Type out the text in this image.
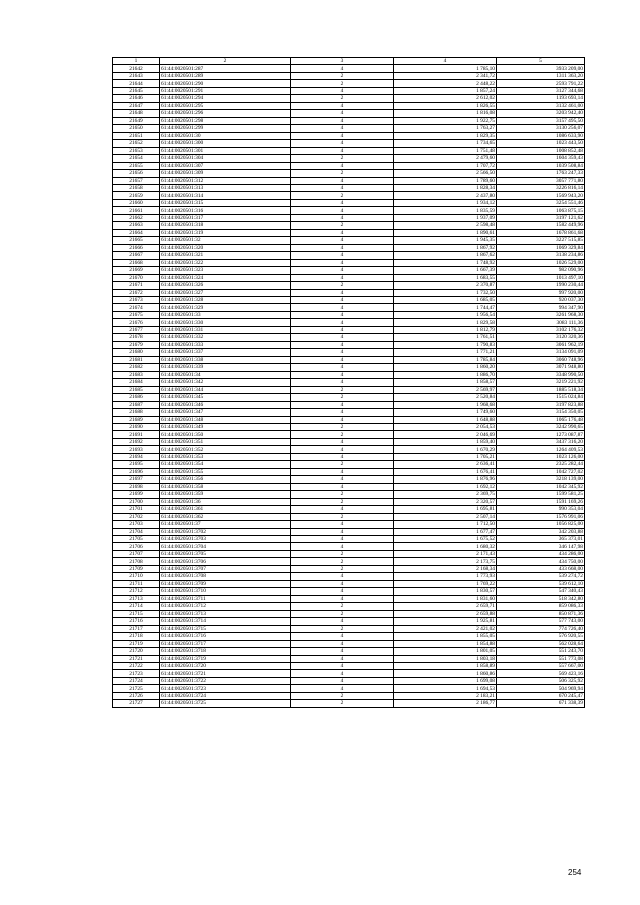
1	2	3	4	5
21642	61:44:0020501:287	4	1 785,10	3933 209,00
21643	61:44:0020501:289	2	2 341,72	1311 363,20
21644	61:44:0020501:290	2	2 448,22	2593 791,22
21645	61:44:0020501:291	4	1 857,24	3127 344,68
21646	61:44:0020501:294	2	2 612,02	1193 693,14
21647	61:44:0020501:295	4	1 826,55	3132 461,00
21648	61:44:0020501:296	4	1 816,08	3203 942,40
21649	61:44:0020501:298	4	1 922,75	3157 495,50
21650	61:44:0020501:299	4	1 763,27	3130 256,07
21651	61:44:0020501:30	4	1 829,35	1086 633,90
21652	61:44:0020501:300	4	1 734,65	1023 443,50
21653	61:44:0020501:301	4	1 751,48	1008 852,48
21654	61:44:0020501:304	2	2 479,60	1604 359,43
21655	61:44:0020501:307	4	1 707,72	1039 508,84
21656	61:44:0020501:309	2	2 566,50	1763 247,33
21657	61:44:0020501:312	4	1 789,60	3057 771,80
21658	61:44:0020501:313	4	1 828,34	3226 816,14
21659	61:44:0020501:314	2	2 437,80	1569 943,20
21660	61:44:0020501:315	4	1 934,12	3254 551,46
21661	61:44:0020501:316	4	1 835,59	1063 875,15
21662	61:44:0020501:317	4	1 937,09	3197 121,62
21663	61:44:0020501:318	2	2 598,48	1582 449,96
21664	61:44:0020501:319	4	1 890,61	1678 861,68
21665	61:44:0020501:32	4	1 945,35	3227 515,85
21666	61:44:0020501:320	4	1 867,92	1069 329,84
21667	61:44:0020501:321	4	1 867,62	3138 234,86
21668	61:44:0020501:322	4	1 748,92	1026 529,00
21669	61:44:0020501:323	4	1 667,39	982 090,96
21670	61:44:0020501:324	4	1 683,55	1013 497,10
21671	61:44:0020501:326	2	2 370,87	1990 230,44
21672	61:44:0020501:327	4	1 732,50	997 920,00
21673	61:44:0020501:328	4	1 685,05	920 037,30
21674	61:44:0020501:329	4	1 744,47	994 347,90
21675	61:44:0020501:33	4	1 956,54	3261 968,30
21676	61:44:0020501:330	4	1 829,58	3083 111,36
21677	61:44:0020501:331	4	1 812,79	3102 176,32
21678	61:44:0020501:332	4	1 761,51	3120 320,36
21679	61:44:0020501:333	4	1 790,83	3061 962,19
21680	61:44:0020501:337	4	1 771,21	3134 091,09
21681	61:44:0020501:338	4	1 785,84	3060 748,96
21682	61:44:0020501:339	4	1 860,20	3071 948,80
21683	61:44:0020501:34	4	1 886,70	3348 990,50
21684	61:44:0020501:342	4	1 858,57	3219 221,92
21685	61:44:0020501:344	2	2 569,97	1885 518,34
21686	61:44:0020501:345	2	2 520,84	1515 024,84
21687	61:44:0020501:346	4	1 968,68	3197 823,88
21688	61:44:0020501:347	4	1 749,60	3154 350,05
21689	61:44:0020501:348	4	1 648,88	1065 176,48
21690	61:44:0020501:349	2	2 054,53	3242 990,65
21691	61:44:0020501:350	2	2 046,69	1273 087,87
21692	61:44:0020501:351	4	1 859,40	3437 316,20
21693	61:44:0020501:352	4	1 670,29	1264 409,53
21694	61:44:0020501:353	4	1 705,21	1023 126,00
21695	61:44:0020501:354	2	2 636,41	2325 282,44
21696	61:44:0020501:355	4	1 676,41	1042 727,02
21697	61:44:0020501:356	4	1 876,96	3218 139,00
21698	61:44:0020501:358	4	1 692,12	1042 345,92
21699	61:44:0020501:359	2	2 369,75	1599 581,25
21700	61:44:0020501:36	2	2 320,57	1591 169,26
21701	61:44:0020501:361	4	1 695,81	990 353,04
21702	61:44:0020501:362	2	2 507,14	1576 991,06
21703	61:44:0020501:37	4	1 712,50	1056 825,00
21704	61:44:0020501:3702	4	1 677,47	342 203,88
21705	61:44:0020501:3703	4	1 675,52	365 373,01
21706	61:44:0020501:3704	4	1 680,32	346 147,98
21707	61:44:0020501:3705	2	2 171,43	434 286,00
21708	61:44:0020501:3706	2	2 173,75	434 750,00
21709	61:44:0020501:3707	2	2 168,34	433 668,00
21710	61:44:0020501:3708	4	1 773,93	539 274,72
21711	61:44:0020501:3709	4	1 769,22	539 612,10
21712	61:44:0020501:3710	4	1 830,57	547 340,43
21713	61:44:0020501:3711	4	1 831,60	518 342,80
21714	61:44:0020501:3712	2	2 659,71	859 086,33
21715	61:44:0020501:3713	2	2 659,88	850 871,36
21716	61:44:0020501:3714	4	1 925,81	577 743,00
21717	61:44:0020501:3715	2	2 421,02	774 726,40
21718	61:44:0020501:3716	4	1 855,05	576 920,55
21719	61:44:0020501:3717	4	1 854,88	562 028,64
21720	61:44:0020501:3718	4	1 801,05	551 243,70
21721	61:44:0020501:3719	4	1 803,18	551 773,08
21722	61:44:0020501:3720	4	1 858,89	557 667,00
21723	61:44:0020501:3721	4	1 860,86	569 423,16
21724	61:44:0020501:3722	4	1 699,08	506 325,92
21725	61:44:0020501:3723	4	1 694,53	504 969,94
21726	61:44:0020501:3724	2	2 183,21	670 245,47
21727	61:44:0020501:3725	2	2 186,77	671 338,39
254
